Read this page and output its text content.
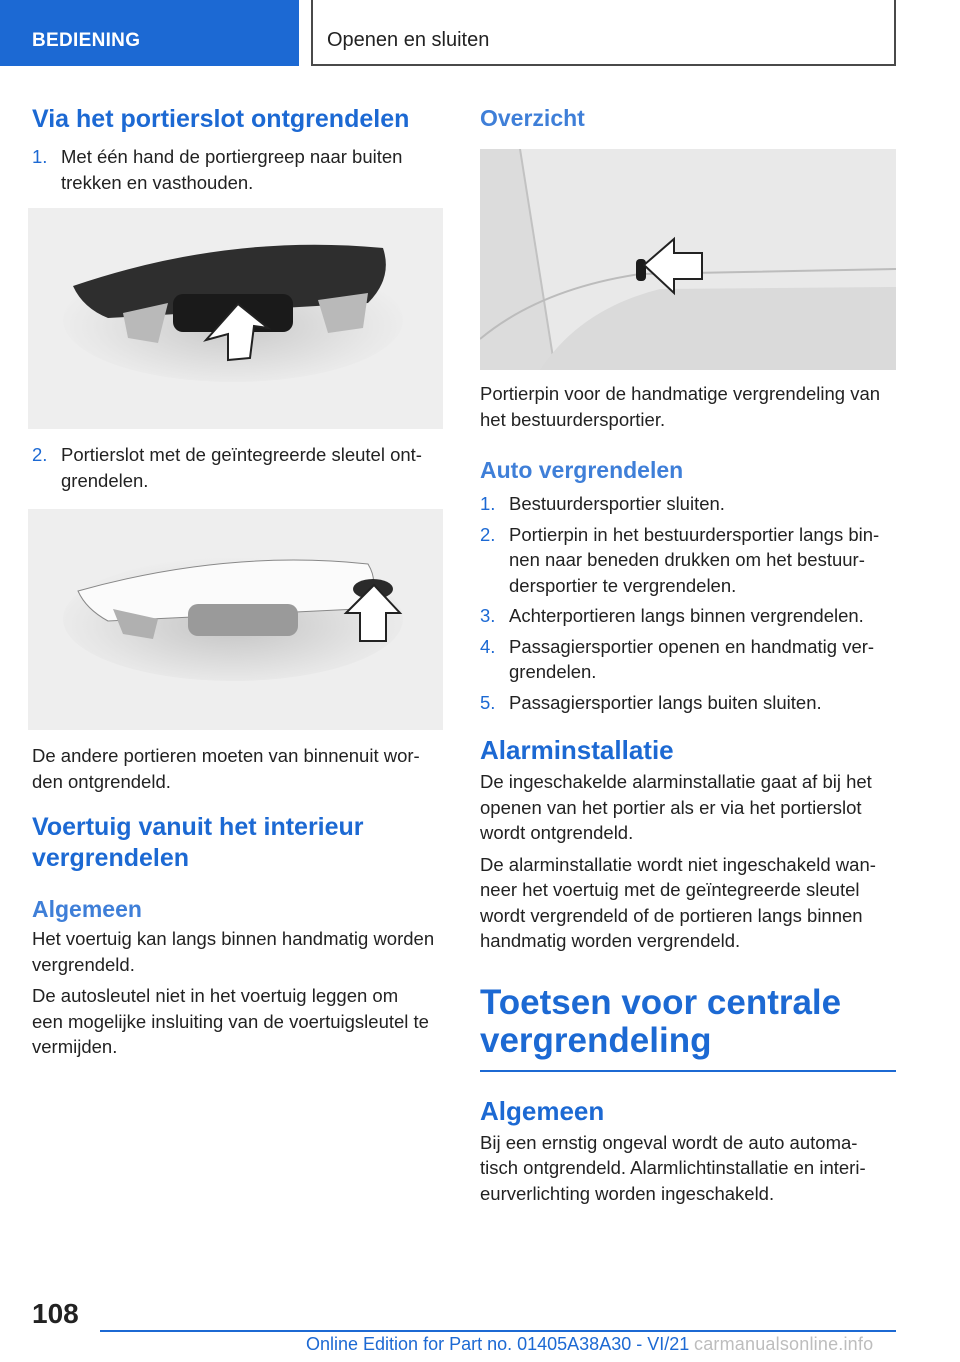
BEDIENING	Openen en sluiten
Via het portierslot ontgrendelen
1. Met één hand de portiergreep naar buiten
trekken en vasthouden.
2. Portierslot met de geïntegreerde sleutel ont-
grendelen.
De andere portieren moeten van binnenuit wor-
den ontgrendeld.
Voertuig vanuit het interieur
vergrendelen
Algemeen
Het voertuig kan langs binnen handmatig worden
vergrendeld.
De autosleutel niet in het voertuig leggen om
een mogelijke insluiting van de voertuigsleutel te
vermijden.
Overzicht
Portierpin voor de handmatige vergrendeling van
het bestuurdersportier.
Auto vergrendelen
1. Bestuurdersportier sluiten.
2. Portierpin in het bestuurdersportier langs bin-
nen naar beneden drukken om het bestuur-
dersportier te vergrendelen.
3. Achterportieren langs binnen vergrendelen.
4. Passagiersportier openen en handmatig ver-
grendelen.
5. Passagiersportier langs buiten sluiten.
Alarminstallatie
De ingeschakelde alarminstallatie gaat af bij het
openen van het portier als er via het portierslot
wordt ontgrendeld.
De alarminstallatie wordt niet ingeschakeld wan-
neer het voertuig met de geïntegreerde sleutel
wordt vergrendeld of de portieren langs binnen
handmatig worden vergrendeld.
Toetsen voor centrale
vergrendeling
Algemeen
Bij een ernstig ongeval wordt de auto automa-
tisch ontgrendeld. Alarmlichtinstallatie en interi-
eurverlichting worden ingeschakeld.
108
Online Edition for Part no. 01405A38A30 - VI/21 carmanualsonline.info
